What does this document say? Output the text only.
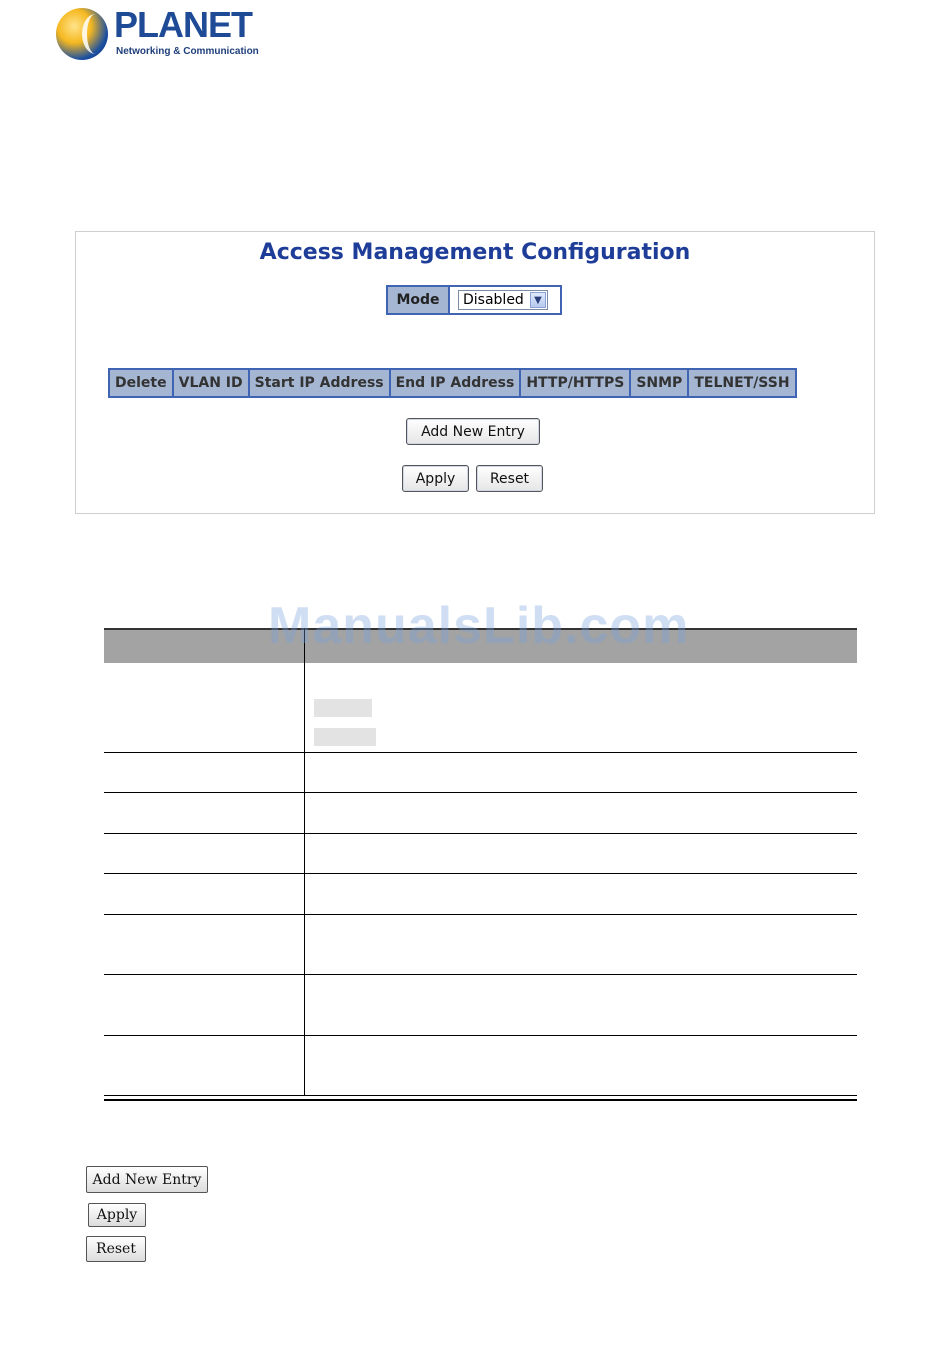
PLANET
Networking & Communication
Access Management Configuration
Mode	Disabled	▼
Delete	VLAN ID	Start IP Address	End IP Address	HTTP/HTTPS	SNMP	TELNET/SSH
Add New Entry
Apply	Reset
ManualsLib.com
Add New Entry
Apply
Reset
